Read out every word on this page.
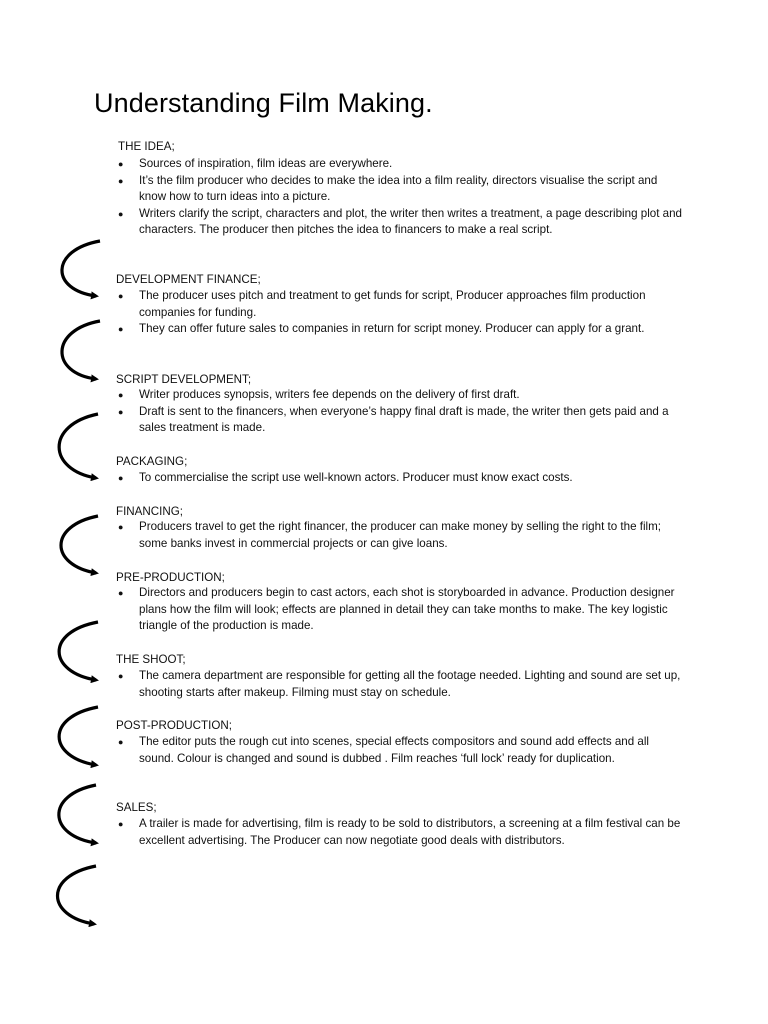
Understanding Film Making.
THE IDEA;
● Sources of inspiration, film ideas are everywhere.
● It’s the film producer who decides to make the idea into a film reality, directors visualise the script and know how to turn ideas into a picture.
● Writers clarify the script, characters and plot, the writer then writes a treatment, a page describing plot and characters. The producer then pitches the idea to financers to make a real script.
DEVELOPMENT FINANCE;
● The producer uses pitch and treatment to get funds for script, Producer approaches film production companies for funding.
● They can offer future sales to companies in return for script money. Producer can apply for a grant.
SCRIPT DEVELOPMENT;
● Writer produces synopsis, writers fee depends on the delivery of first draft.
● Draft is sent to the financers, when everyone’s happy final draft is made, the writer then gets paid and a sales treatment is made.
PACKAGING;
● To commercialise the script use well-known actors. Producer must know exact costs.
FINANCING;
● Producers travel to get the right financer, the producer can make money by selling the right to the film; some banks invest in commercial projects or can give loans.
PRE-PRODUCTION;
● Directors and producers begin to cast actors, each shot is storyboarded in advance. Production designer plans how the film will look; effects are planned in detail they can take months to make. The key logistic triangle of the production is made.
THE SHOOT;
● The camera department are responsible for getting all the footage needed. Lighting and sound are set up, shooting starts after makeup. Filming must stay on schedule.
POST-PRODUCTION;
● The editor puts the rough cut into scenes, special effects compositors and sound add effects and all sound. Colour is changed and sound is dubbed . Film reaches ‘full lock’ ready for duplication.
SALES;
● A trailer is made for advertising, film is ready to be sold to distributors, a screening at a film festival can be excellent advertising. The Producer can now negotiate good deals with distributors.
